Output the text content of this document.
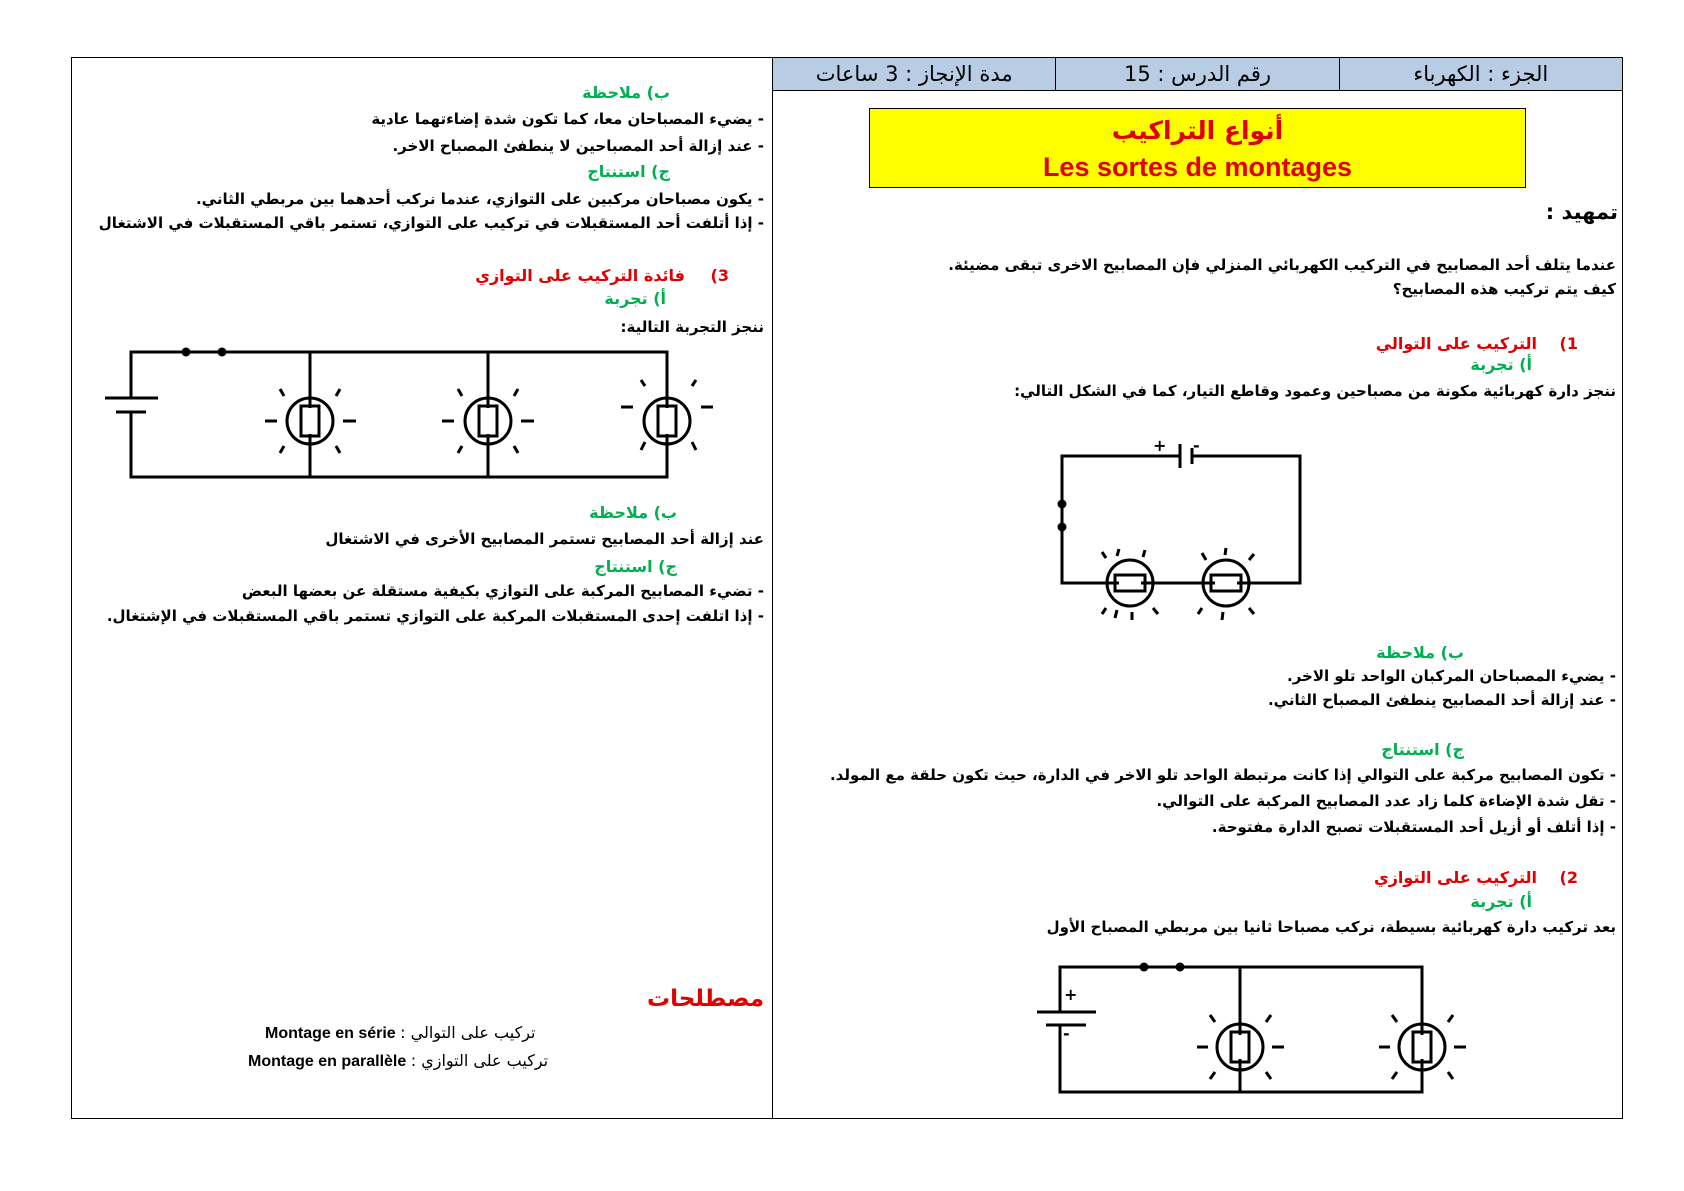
مدة الإنجاز : 3 ساعات	رقم الدرس : 15	الجزء : الكهرباء
أنواع التراكيب
Les sortes de montages
تمهيد :
عندما يتلف أحد المصابيح في التركيب الكهربائي المنزلي فإن المصابيح الاخرى تبقى مضيئة.
كيف يتم تركيب هذه المصابيح؟
1)
التركيب على التوالي
أ) تجربة
ننجز دارة كهربائية مكونة من مصباحين وعمود وقاطع التيار، كما في الشكل التالي:
+ -
ب) ملاحظة
- يضيء المصباحان المركبان الواحد تلو الاخر.
- عند إزالة أحد المصابيح ينطفئ المصباح الثاني.
ج) استنتاج
- تكون المصابيح مركبة على التوالي إذا كانت مرتبطة الواحد تلو الاخر في الدارة، حيث تكون حلقة مع المولد.
- تقل شدة الإضاءة كلما زاد عدد المصابيح المركبة على التوالي.
- إذا أتلف أو أزيل أحد المستقبلات تصبح الدارة مفتوحة.
2)
التركيب على التوازي
أ) تجربة
بعد تركيب دارة كهربائية بسيطة، نركب مصباحا ثانيا بين مربطي المصباح الأول
+
-
ب) ملاحظة
- يضيء المصباحان معا، كما تكون شدة إضاءتهما عادية
- عند إزالة أحد المصباحين لا ينطفئ المصباح الاخر.
ج) استنتاج
- يكون مصباحان مركبين على التوازي، عندما نركب أحدهما بين مربطي الثاني.
- إذا أتلفت أحد المستقبلات في تركيب على التوازي، تستمر باقي المستقبلات في الاشتغال
3)
فائدة التركيب على التوازي
أ) تجربة
ننجز التجربة التالية:
ب) ملاحظة
عند إزالة أحد المصابيح تستمر المصابيح الأخرى في الاشتغال
ج) استنتاج
- تضيء المصابيح المركبة على التوازي بكيفية مستقلة عن بعضها البعض
- إذا اتلفت إحدى المستقبلات المركبة على التوازي تستمر باقي المستقبلات في الإشتغال.
مصطلحات
Montage en série تركيب على التوالي :
Montage en parallèle تركيب على التوازي :
